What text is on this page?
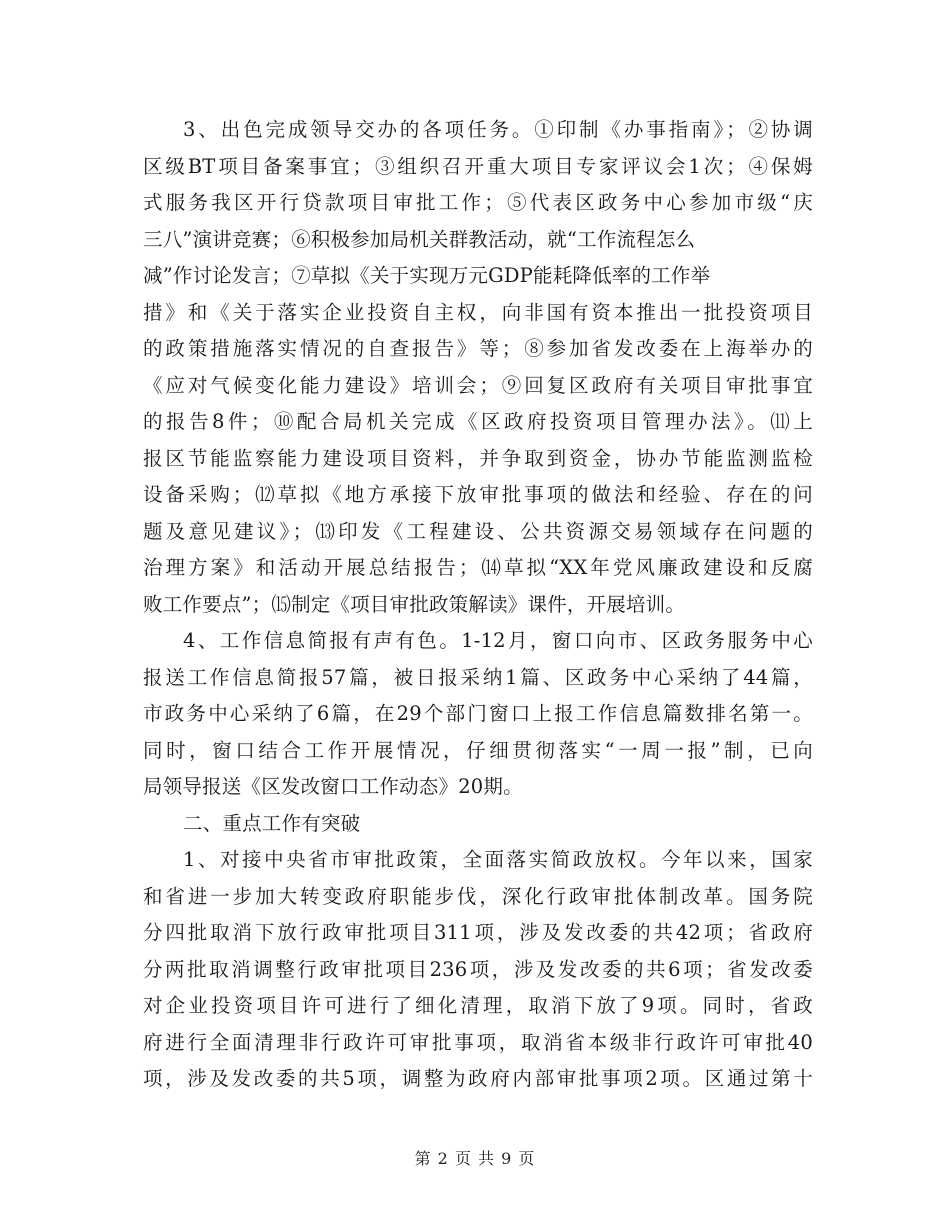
3、出色完成领导交办的各项任务。①印制《办事指南》；②协调
区级BT项目备案事宜；③组织召开重大项目专家评议会1次；④保姆
式服务我区开行贷款项目审批工作；⑤代表区政务中心参加市级“庆
三八”演讲竞赛；⑥积极参加局机关群教活动，就“工作流程怎么
减”作讨论发言；⑦草拟《关于实现万元GDP能耗降低率的工作举
措》和《关于落实企业投资自主权，向非国有资本推出一批投资项目
的政策措施落实情况的自查报告》等；⑧参加省发改委在上海举办的
《应对气候变化能力建设》培训会；⑨回复区政府有关项目审批事宜
的报告8件；⑩配合局机关完成《区政府投资项目管理办法》。⑾上
报区节能监察能力建设项目资料，并争取到资金，协办节能监测监检
设备采购；⑿草拟《地方承接下放审批事项的做法和经验、存在的问
题及意见建议》；⒀印发《工程建设、公共资源交易领域存在问题的
治理方案》和活动开展总结报告；⒁草拟“XX年党风廉政建设和反腐
败工作要点”；⒂制定《项目审批政策解读》课件，开展培训。
4、工作信息简报有声有色。1-12月，窗口向市、区政务服务中心
报送工作信息简报57篇，被日报采纳1篇、区政务中心采纳了44篇，
市政务中心采纳了6篇，在29个部门窗口上报工作信息篇数排名第一。
同时，窗口结合工作开展情况，仔细贯彻落实“一周一报”制，已向
局领导报送《区发改窗口工作动态》20期。
二、重点工作有突破
1、对接中央省市审批政策，全面落实简政放权。今年以来，国家
和省进一步加大转变政府职能步伐，深化行政审批体制改革。国务院
分四批取消下放行政审批项目311项，涉及发改委的共42项；省政府
分两批取消调整行政审批项目236项，涉及发改委的共6项；省发改委
对企业投资项目许可进行了细化清理，取消下放了9项。同时，省政
府进行全面清理非行政许可审批事项，取消省本级非行政许可审批40
项，涉及发改委的共5项，调整为政府内部审批事项2项。区通过第十
第 2 页 共 9 页
